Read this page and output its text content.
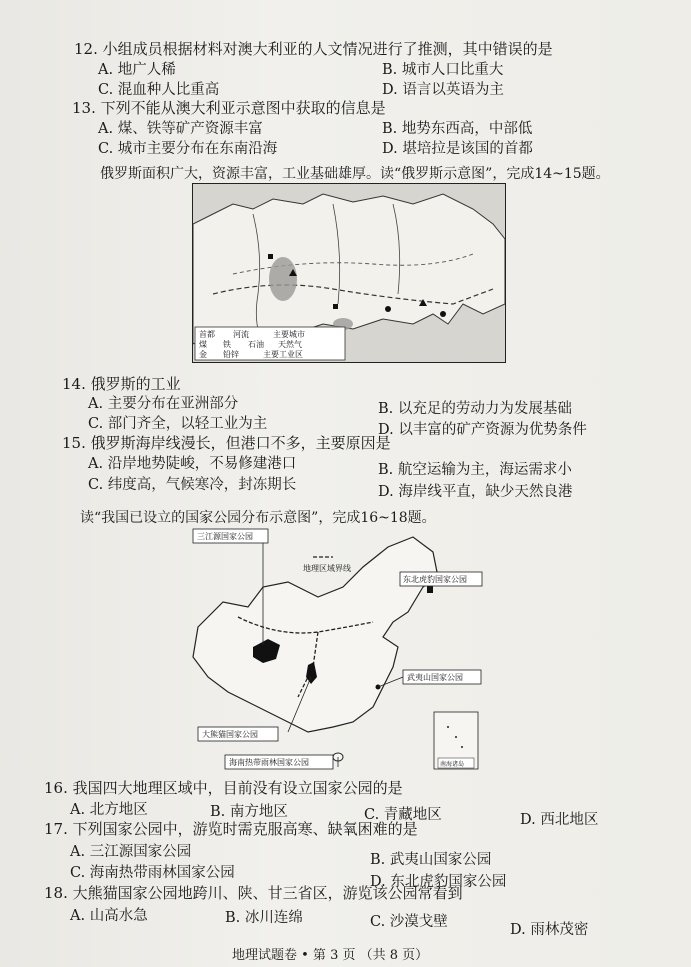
12. 小组成员根据材料对澳大利亚的人文情况进行了推测，其中错误的是
A. 地广人稀	B. 城市人口比重大
C. 混血种人比重高	D. 语言以英语为主
13. 下列不能从澳大利亚示意图中获取的信息是
A. 煤、铁等矿产资源丰富	B. 地势东西高，中部低
C. 城市主要分布在东南沿海	D. 堪培拉是该国的首都
俄罗斯面积广大，资源丰富，工业基础雄厚。读“俄罗斯示意图”，完成14~15题。
首都 河流	主要城市
煤 铁 石油 天然气
金 铅锌	主要工业区
14. 俄罗斯的工业
A. 主要分布在亚洲部分	B. 以充足的劳动力为发展基础
C. 部门齐全，以轻工业为主	D. 以丰富的矿产资源为优势条件
15. 俄罗斯海岸线漫长，但港口不多，主要原因是
A. 沿岸地势陡峻，不易修建港口	B. 航空运输为主，海运需求小
C. 纬度高，气候寒冷，封冻期长	D. 海岸线平直，缺少天然良港
读“我国已设立的国家公园分布示意图”，完成16~18题。
三江源国家公园
地理区域界线
东北虎豹国家公园
武夷山国家公园
大熊猫国家公园
海南热带雨林国家公园	南海诸岛
16. 我国四大地理区域中，目前没有设立国家公园的是
A. 北方地区	B. 南方地区	C. 青藏地区	D. 西北地区
17. 下列国家公园中，游览时需克服高寒、缺氧困难的是
A. 三江源国家公园	B. 武夷山国家公园
C. 海南热带雨林国家公园
D. 东北虎豹国家公园
18. 大熊猫国家公园地跨川、陕、甘三省区，游览该公园常看到
A. 山高水急	B. 冰川连绵	C. 沙漠戈壁	D. 雨林茂密
地理试题卷 • 第 3 页 （共 8 页）
